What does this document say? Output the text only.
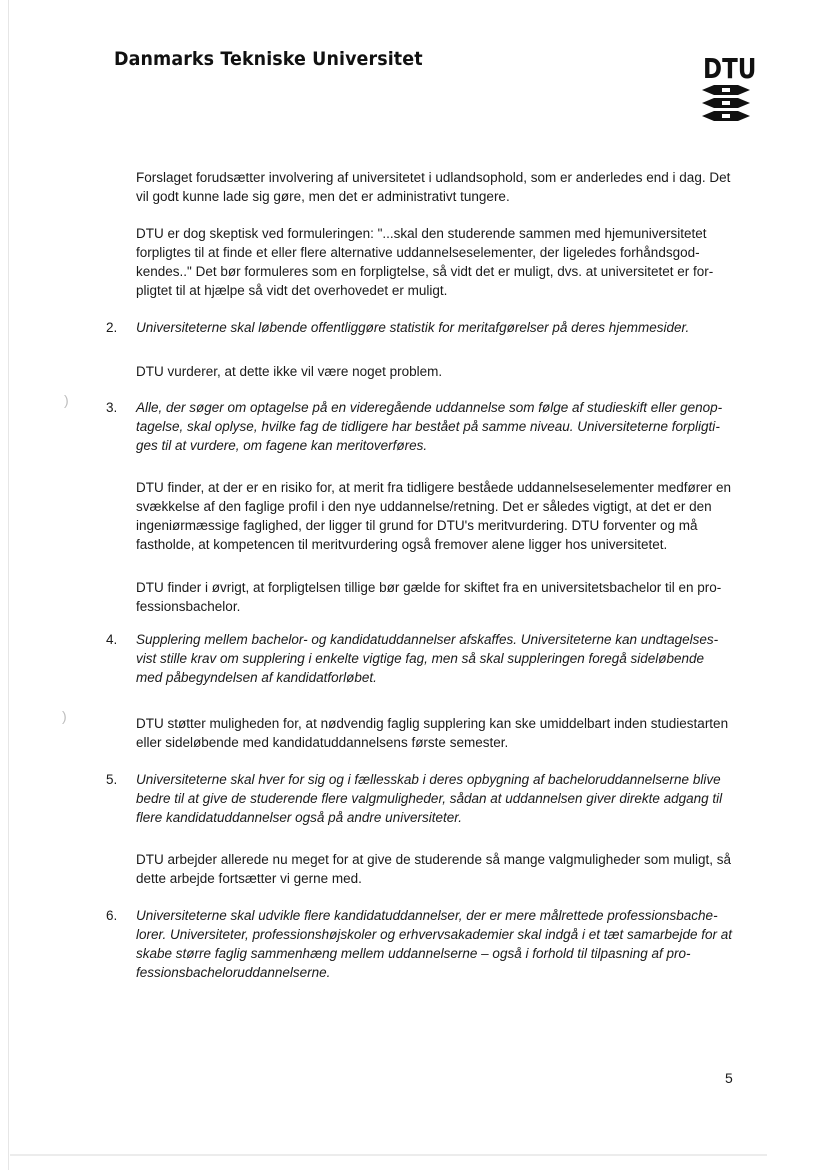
Danmarks Tekniske Universitet	DTU
)
)

Forslaget forudsætter involvering af universitetet i udlandsophold, som er anderledes end i dag. Det vil godt kunne lade sig gøre, men det er administrativt tungere.

DTU er dog skeptisk ved formuleringen: "...skal den studerende sammen med hjemuniversitetet forpligtes til at finde et eller flere alternative uddannelseselementer, der ligeledes forhåndsgodkendes.." Det bør formuleres som en forpligtelse, så vidt det er muligt, dvs. at universitetet er forpligtet til at hjælpe så vidt det overhovedet er muligt.

2. Universiteterne skal løbende offentliggøre statistik for meritafgørelser på deres hjemmesider.

DTU vurderer, at dette ikke vil være noget problem.

3. Alle, der søger om optagelse på en videregående uddannelse som følge af studieskift eller genoptagelse, skal oplyse, hvilke fag de tidligere har bestået på samme niveau. Universiteterne forpligtiges til at vurdere, om fagene kan meritoverføres.

DTU finder, at der er en risiko for, at merit fra tidligere beståede uddannelseselementer medfører en svækkelse af den faglige profil i den nye uddannelse/retning. Det er således vigtigt, at det er den ingeniørmæssige faglighed, der ligger til grund for DTU's meritvurdering. DTU forventer og må fastholde, at kompetencen til meritvurdering også fremover alene ligger hos universitetet.

DTU finder i øvrigt, at forpligtelsen tillige bør gælde for skiftet fra en universitetsbachelor til en professionsbachelor.

4. Supplering mellem bachelor- og kandidatuddannelser afskaffes. Universiteterne kan undtagelsesvist stille krav om supplering i enkelte vigtige fag, men så skal suppleringen foregå sideløbende med påbegyndelsen af kandidatforløbet.

DTU støtter muligheden for, at nødvendig faglig supplering kan ske umiddelbart inden studiestarten eller sideløbende med kandidatuddannelsens første semester.

5. Universiteterne skal hver for sig og i fællesskab i deres opbygning af bacheloruddannelserne blive bedre til at give de studerende flere valgmuligheder, sådan at uddannelsen giver direkte adgang til flere kandidatuddannelser også på andre universiteter.

DTU arbejder allerede nu meget for at give de studerende så mange valgmuligheder som muligt, så dette arbejde fortsætter vi gerne med.

6. Universiteterne skal udvikle flere kandidatuddannelser, der er mere målrettede professionsbachelorer. Universiteter, professionshøjskoler og erhvervsakademier skal indgå i et tæt samarbejde for at skabe større faglig sammenhæng mellem uddannelserne – også i forhold til tilpasning af professionsbacheloruddannelserne.

5
